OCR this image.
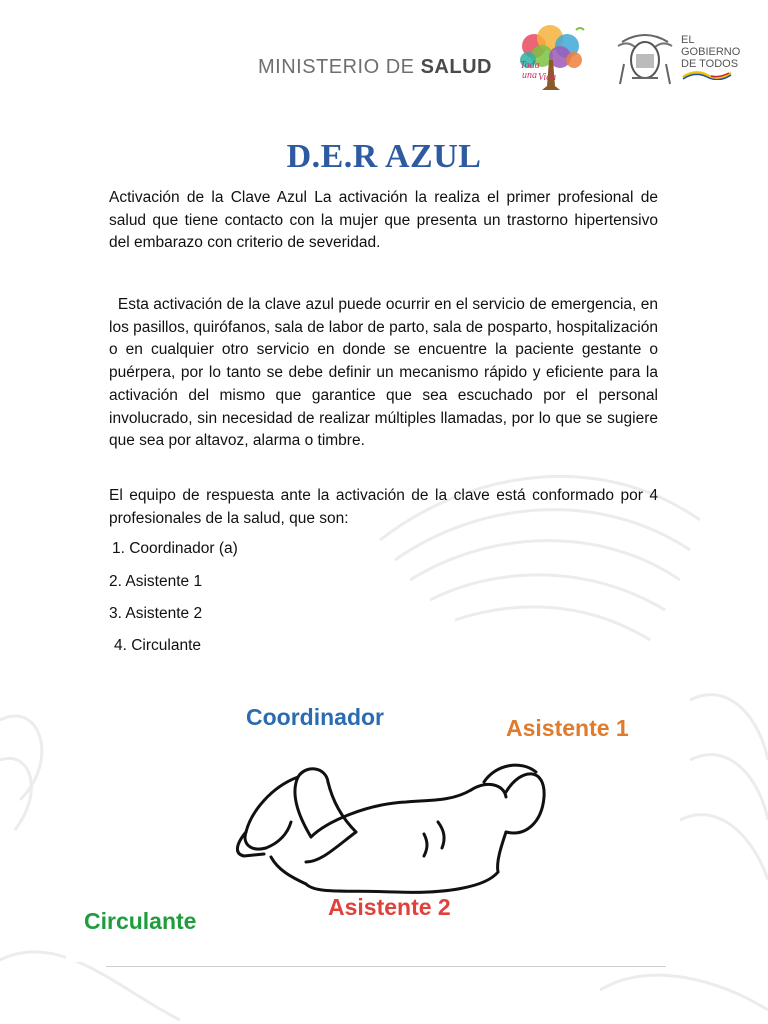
MINISTERIO DE SALUD	Toda
una Vida
EL
GOBIERNO
DE TODOS
D.E.R AZUL
Activación de la Clave Azul La activación la realiza el primer profesional de salud que tiene contacto con la mujer que presenta un trastorno hipertensivo del embarazo con criterio de severidad.
Esta activación de la clave azul puede ocurrir en el servicio de emergencia, en los pasillos, quirófanos, sala de labor de parto, sala de posparto, hospitalización o en cualquier otro servicio en donde se encuentre la paciente gestante o puérpera, por lo tanto se debe definir un mecanismo rápido y eficiente para la activación del mismo que garantice que sea escuchado por el personal involucrado, sin necesidad de realizar múltiples llamadas, por lo que se sugiere que sea por altavoz, alarma o timbre.
El equipo de respuesta ante la activación de la clave está conformado por 4 profesionales de la salud, que son:
1. Coordinador (a)
2. Asistente 1
3. Asistente 2
4. Circulante
Coordinador	Asistente 1
Asistente 2
Circulante
